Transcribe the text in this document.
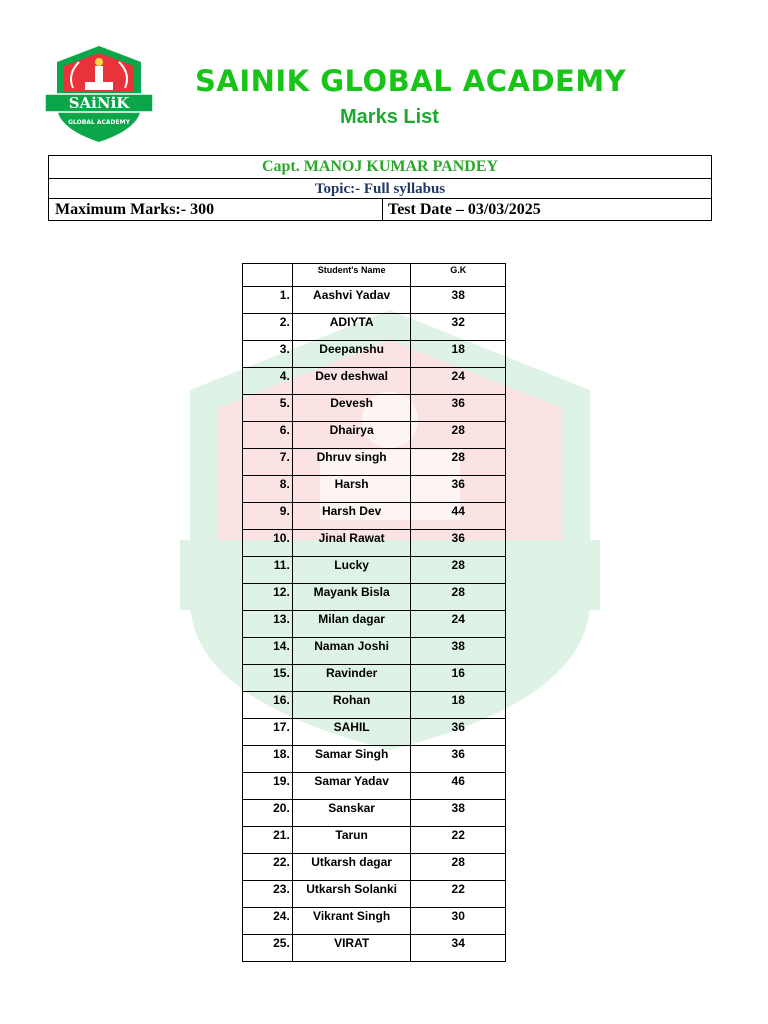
SAiNiK
GLOBAL ACADEMY
SAINIK GLOBAL ACADEMY
Marks List
Capt. MANOJ KUMAR PANDEY
Topic:- Full syllabus
Maximum Marks:- 300	Test Date – 03/03/2025
	Student's Name	G.K
1.	Aashvi Yadav	38
2.	ADIYTA	32
3.	Deepanshu	18
4.	Dev deshwal	24
5.	Devesh	36
6.	Dhairya	28
7.	Dhruv singh	28
8.	Harsh	36
9.	Harsh Dev	44
10.	Jinal Rawat	36
11.	Lucky	28
12.	Mayank Bisla	28
13.	Milan dagar	24
14.	Naman Joshi	38
15.	Ravinder	16
16.	Rohan	18
17.	SAHIL	36
18.	Samar Singh	36
19.	Samar Yadav	46
20.	Sanskar	38
21.	Tarun	22
22.	Utkarsh dagar	28
23.	Utkarsh Solanki	22
24.	Vikrant Singh	30
25.	VIRAT	34
